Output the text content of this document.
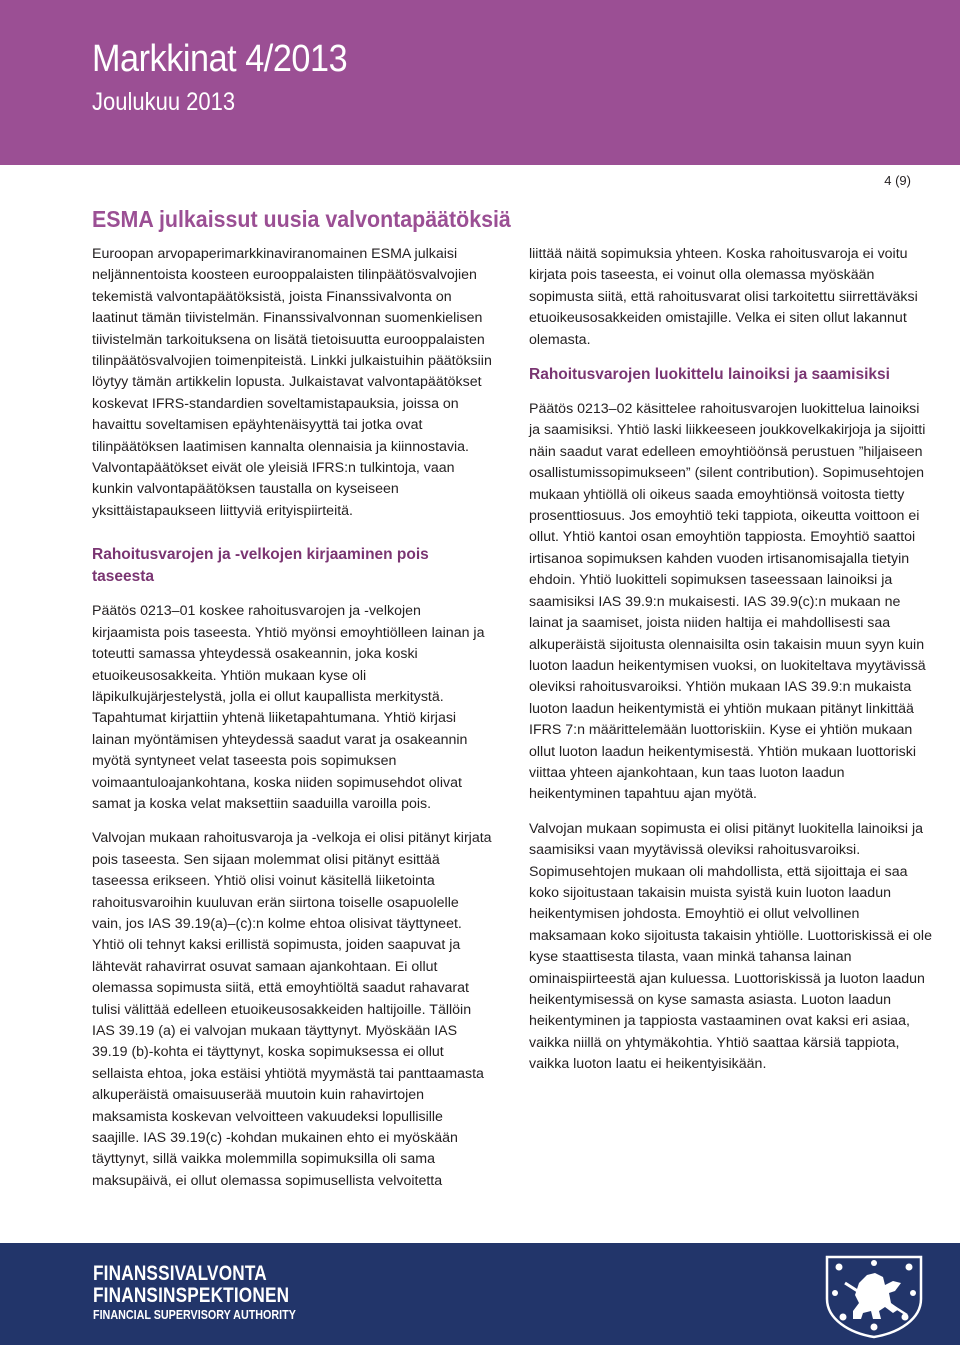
Markkinat 4/2013
Joulukuu 2013
4 (9)
ESMA julkaissut uusia valvontapäätöksiä

Euroopan arvopaperimarkkinaviranomainen ESMA julkaisi neljännentoista koosteen eurooppalaisten tilinpäätösvalvojien tekemistä valvontapäätöksistä, joista Finanssivalvonta on laatinut tämän tiivistelmän. Finanssivalvonnan suomenkielisen tiivistelmän tarkoituksena on lisätä tietoisuutta eurooppalaisten tilinpäätösvalvojien toimenpiteistä. Linkki julkaistuihin päätöksiin löytyy tämän artikkelin lopusta. Julkaistavat valvontapäätökset koskevat IFRS-standardien soveltamistapauksia, joissa on havaittu soveltamisen epäyhtenäisyyttä tai jotka ovat tilinpäätöksen laatimisen kannalta olennaisia ja kiinnostavia. Valvontapäätökset eivät ole yleisiä IFRS:n tulkintoja, vaan kunkin valvontapäätöksen taustalla on kyseiseen yksittäistapaukseen liittyviä erityispiirteitä.

Rahoitusvarojen ja -velkojen kirjaaminen pois taseesta

Päätös 0213–01 koskee rahoitusvarojen ja -velkojen kirjaamista pois taseesta. Yhtiö myönsi emoyhtiölleen lainan ja toteutti samassa yhteydessä osakeannin, joka koski etuoikeusosakkeita. Yhtiön mukaan kyse oli läpikulkujärjestelystä, jolla ei ollut kaupallista merkitystä. Tapahtumat kirjattiin yhtenä liiketapahtumana. Yhtiö kirjasi lainan myöntämisen yhteydessä saadut varat ja osakeannin myötä syntyneet velat taseesta pois sopimuksen voimaantuloajankohtana, koska niiden sopimusehdot olivat samat ja koska velat maksettiin saaduilla varoilla pois.

Valvojan mukaan rahoitusvaroja ja -velkoja ei olisi pitänyt kirjata pois taseesta. Sen sijaan molemmat olisi pitänyt esittää taseessa erikseen. Yhtiö olisi voinut käsitellä liiketointa rahoitusvaroihin kuuluvan erän siirtona toiselle osapuolelle vain, jos IAS 39.19(a)–(c):n kolme ehtoa olisivat täyttyneet. Yhtiö oli tehnyt kaksi erillistä sopimusta, joiden saapuvat ja lähtevät rahavirrat osuvat samaan ajankohtaan. Ei ollut olemassa sopimusta siitä, että emoyhtiöltä saadut rahavarat tulisi välittää edelleen etuoikeusosakkeiden haltijoille. Tällöin IAS 39.19 (a) ei valvojan mukaan täyttynyt. Myöskään IAS 39.19 (b)-kohta ei täyttynyt, koska sopimuksessa ei ollut sellaista ehtoa, joka estäisi yhtiötä myymästä tai panttaamasta alkuperäistä omaisuuserää muutoin kuin rahavirtojen maksamista koskevan velvoitteen vakuudeksi lopullisille saajille. IAS 39.19(c) -kohdan mukainen ehto ei myöskään täyttynyt, sillä vaikka molemmilla sopimuksilla oli sama maksupäivä, ei ollut olemassa sopimusellista velvoitetta

liittää näitä sopimuksia yhteen. Koska rahoitusvaroja ei voitu kirjata pois taseesta, ei voinut olla olemassa myöskään sopimusta siitä, että rahoitusvarat olisi tarkoitettu siirrettäväksi etuoikeusosakkeiden omistajille. Velka ei siten ollut lakannut olemasta.

Rahoitusvarojen luokittelu lainoiksi ja saamisiksi

Päätös 0213–02 käsittelee rahoitusvarojen luokittelua lainoiksi ja saamisiksi. Yhtiö laski liikkeeseen joukkovelkakirjoja ja sijoitti näin saadut varat edelleen emoyhtiöönsä perustuen ”hiljaiseen osallistumissopimukseen” (silent contribution). Sopimusehtojen mukaan yhtiöllä oli oikeus saada emoyhtiönsä voitosta tietty prosenttiosuus. Jos emoyhtiö teki tappiota, oikeutta voittoon ei ollut. Yhtiö kantoi osan emoyhtiön tappiosta. Emoyhtiö saattoi irtisanoa sopimuksen kahden vuoden irtisanomisajalla tietyin ehdoin. Yhtiö luokitteli sopimuksen taseessaan lainoiksi ja saamisiksi IAS 39.9:n mukaisesti. IAS 39.9(c):n mukaan ne lainat ja saamiset, joista niiden haltija ei mahdollisesti saa alkuperäistä sijoitusta olennaisilta osin takaisin muun syyn kuin luoton laadun heikentymisen vuoksi, on luokiteltava myytävissä oleviksi rahoitusvaroiksi. Yhtiön mukaan IAS 39.9:n mukaista luoton laadun heikentymistä ei yhtiön mukaan pitänyt linkittää IFRS 7:n määrittelemään luottoriskiin. Kyse ei yhtiön mukaan ollut luoton laadun heikentymisestä. Yhtiön mukaan luottoriski viittaa yhteen ajankohtaan, kun taas luoton laadun heikentyminen tapahtuu ajan myötä.

Valvojan mukaan sopimusta ei olisi pitänyt luokitella lainoiksi ja saamisiksi vaan myytävissä oleviksi rahoitusvaroiksi. Sopimusehtojen mukaan oli mahdollista, että sijoittaja ei saa koko sijoitustaan takaisin muista syistä kuin luoton laadun heikentymisen johdosta. Emoyhtiö ei ollut velvollinen maksamaan koko sijoitusta takaisin yhtiölle. Luottoriskissä ei ole kyse staattisesta tilasta, vaan minkä tahansa lainan ominaispiirteestä ajan kuluessa. Luottoriskissä ja luoton laadun heikentymisessä on kyse samasta asiasta. Luoton laadun heikentyminen ja tappiosta vastaaminen ovat kaksi eri asiaa, vaikka niillä on yhtymäkohtia. Yhtiö saattaa kärsiä tappiota, vaikka luoton laatu ei heikentyisikään.

FINANSSIVALVONTA
FINANSINSPEKTIONEN
FINANCIAL SUPERVISORY AUTHORITY
